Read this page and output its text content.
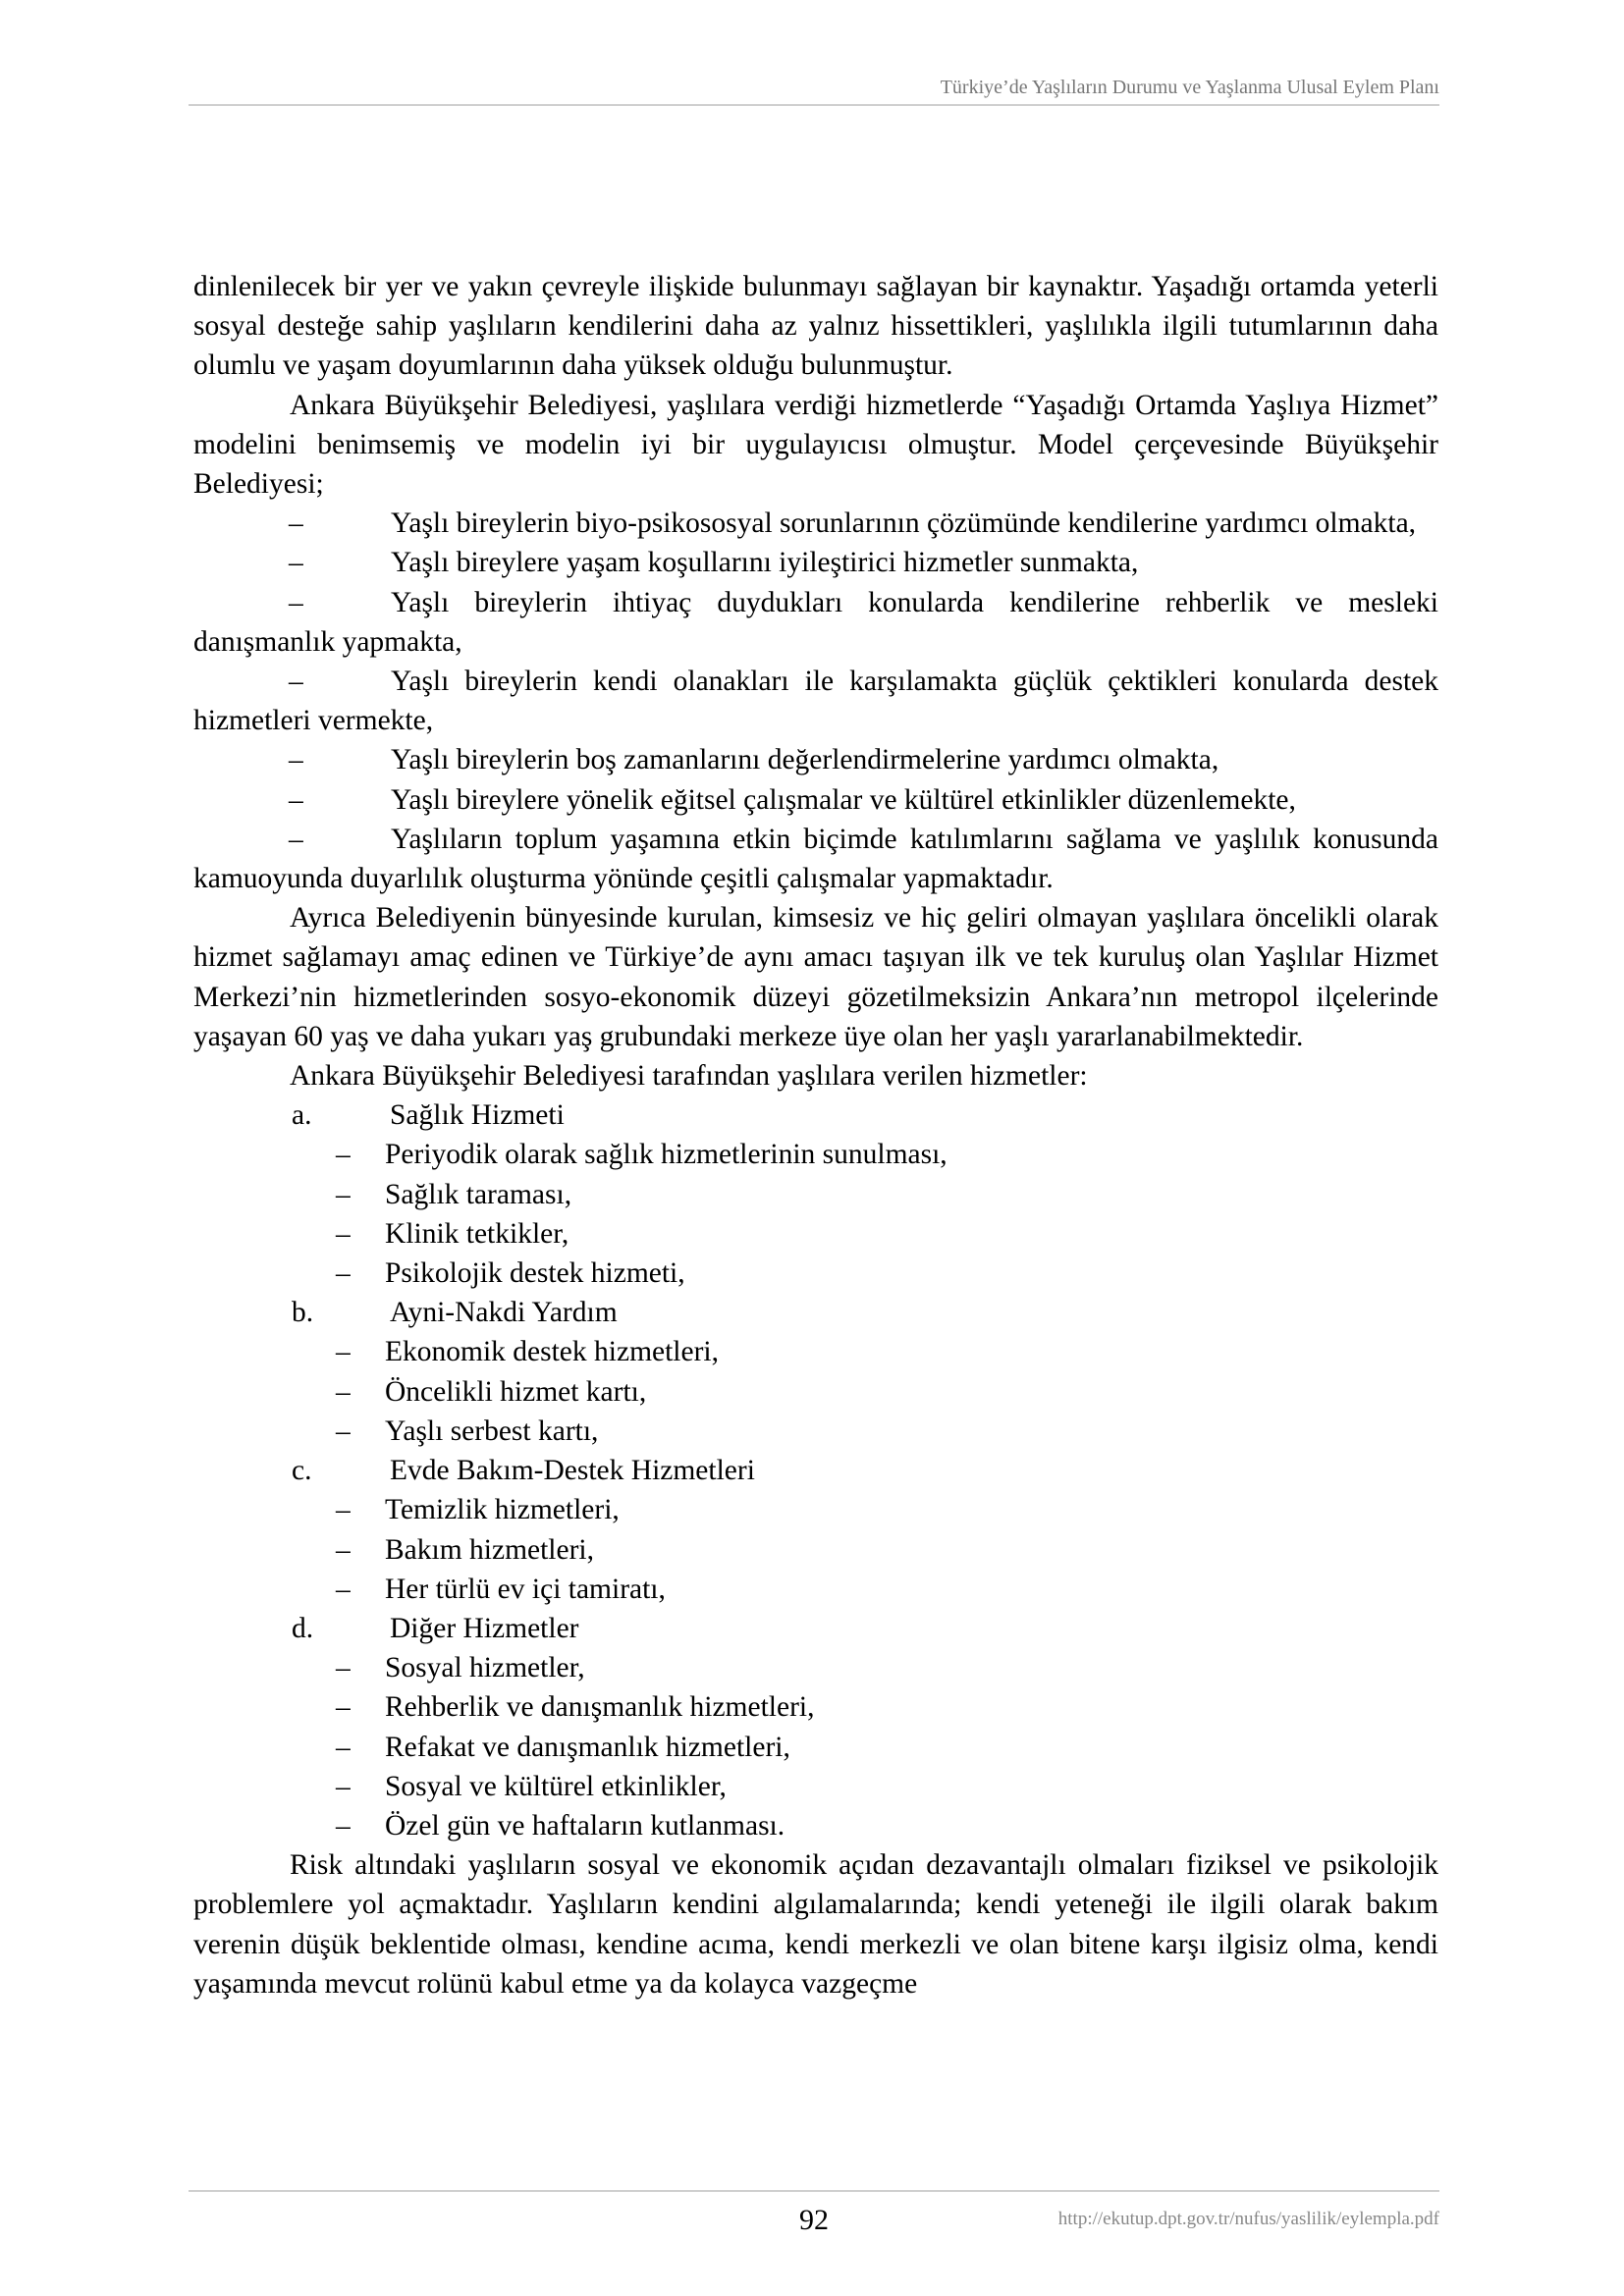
Türkiye’de Yaşlıların Durumu ve Yaşlanma Ulusal Eylem Planı

dinlenilecek bir yer ve yakın çevreyle ilişkide bulunmayı sağlayan bir kaynaktır. Yaşadığı ortamda yeterli sosyal desteğe sahip yaşlıların kendilerini daha az yalnız hissettikleri, yaşlılıkla ilgili tutumlarının daha olumlu ve yaşam doyumlarının daha yüksek olduğu bulunmuştur.

Ankara Büyükşehir Belediyesi, yaşlılara verdiği hizmetlerde “Yaşadığı Ortamda Yaşlıya Hizmet” modelini benimsemiş ve modelin iyi bir uygulayıcısı olmuştur. Model çerçevesinde Büyükşehir Belediyesi;

–	Yaşlı bireylerin biyo-psikososyal sorunlarının çözümünde kendilerine yardımcı olmakta,

–	Yaşlı bireylere yaşam koşullarını iyileştirici hizmetler sunmakta,

–	Yaşlı bireylerin ihtiyaç duydukları konularda kendilerine rehberlik ve mesleki danışmanlık yapmakta,

–	Yaşlı bireylerin kendi olanakları ile karşılamakta güçlük çektikleri konularda destek hizmetleri vermekte,

–	Yaşlı bireylerin boş zamanlarını değerlendirmelerine yardımcı olmakta,

–	Yaşlı bireylere yönelik eğitsel çalışmalar ve kültürel etkinlikler düzenlemekte,

–	Yaşlıların toplum yaşamına etkin biçimde katılımlarını sağlama ve yaşlılık konusunda kamuoyunda duyarlılık oluşturma yönünde çeşitli çalışmalar yapmaktadır.

Ayrıca Belediyenin bünyesinde kurulan, kimsesiz ve hiç geliri olmayan yaşlılara öncelikli olarak hizmet sağlamayı amaç edinen ve Türkiye’de aynı amacı taşıyan ilk ve tek kuruluş olan Yaşlılar Hizmet Merkezi’nin hizmetlerinden sosyo-ekonomik düzeyi gözetilmeksizin Ankara’nın metropol ilçelerinde yaşayan 60 yaş ve daha yukarı yaş grubundaki merkeze üye olan her yaşlı yararlanabilmektedir.

Ankara Büyükşehir Belediyesi tarafından yaşlılara verilen hizmetler:

a.	Sağlık Hizmeti

– Periyodik olarak sağlık hizmetlerinin sunulması,

– Sağlık taraması,

– Klinik tetkikler,

– Psikolojik destek hizmeti,

b.	Ayni-Nakdi Yardım

– Ekonomik destek hizmetleri,

– Öncelikli hizmet kartı,

– Yaşlı serbest kartı,

c.	Evde Bakım-Destek Hizmetleri

– Temizlik hizmetleri,

– Bakım hizmetleri,

– Her türlü ev içi tamiratı,

d.	Diğer Hizmetler

– Sosyal hizmetler,

– Rehberlik ve danışmanlık hizmetleri,

– Refakat ve danışmanlık hizmetleri,

– Sosyal ve kültürel etkinlikler,

– Özel gün ve haftaların kutlanması.

Risk altındaki yaşlıların sosyal ve ekonomik açıdan dezavantajlı olmaları fiziksel ve psikolojik problemlere yol açmaktadır. Yaşlıların kendini algılamalarında; kendi yeteneği ile ilgili olarak bakım verenin düşük beklentide olması, kendine acıma, kendi merkezli ve olan bitene karşı ilgisiz olma, kendi yaşamında mevcut rolünü kabul etme ya da kolayca vazgeçme

92	http://ekutup.dpt.gov.tr/nufus/yaslilik/eylempla.pdf
